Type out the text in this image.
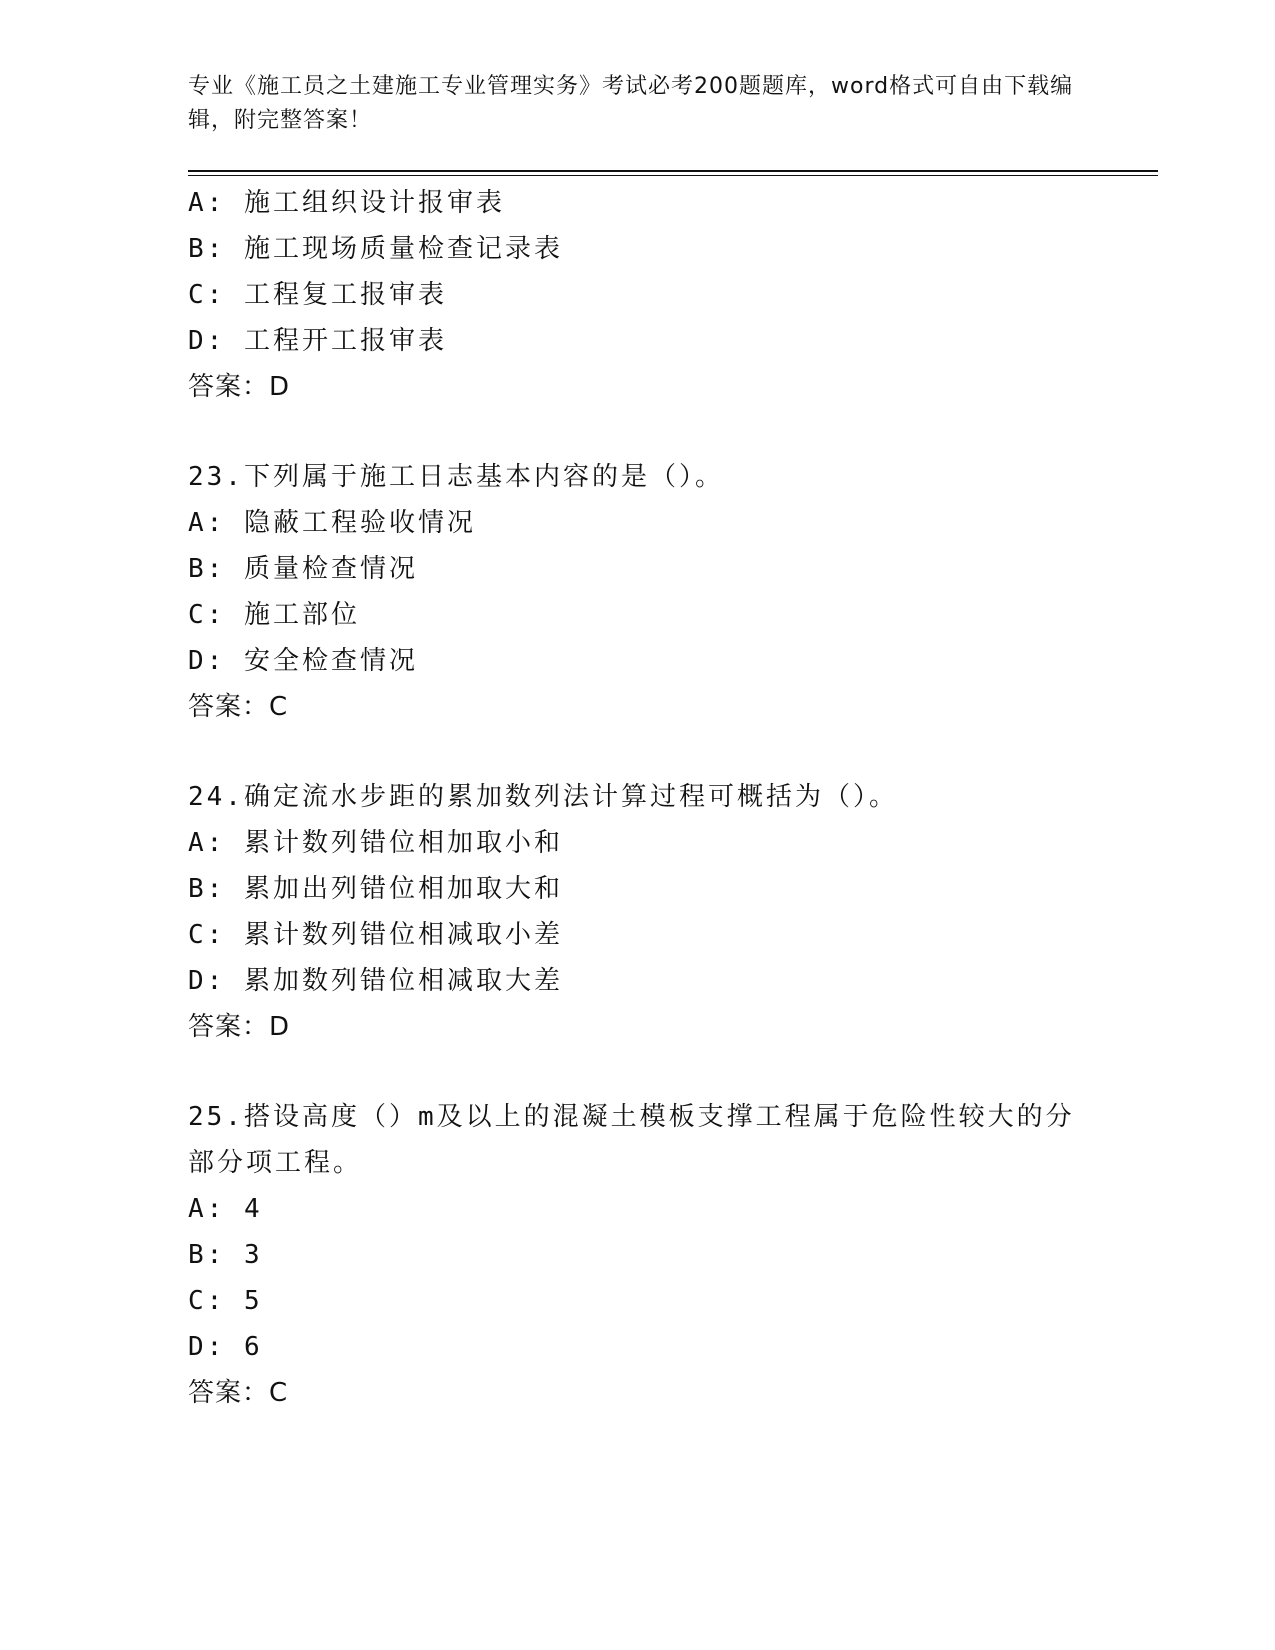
专业《施工员之土建施工专业管理实务》考试必考200题题库，word格式可自由下载编辑，附完整答案！

A: 施工组织设计报审表

B: 施工现场质量检查记录表

C: 工程复工报审表

D: 工程开工报审表

答案：D

23.下列属于施工日志基本内容的是（）。

A: 隐蔽工程验收情况

B: 质量检查情况

C: 施工部位

D: 安全检查情况

答案：C

24.确定流水步距的累加数列法计算过程可概括为（）。

A: 累计数列错位相加取小和

B: 累加出列错位相加取大和

C: 累计数列错位相减取小差

D: 累加数列错位相减取大差

答案：D

25.搭设高度（）m及以上的混凝土模板支撑工程属于危险性较大的分部分项工程。

A: 4

B: 3

C: 5

D: 6

答案：C
